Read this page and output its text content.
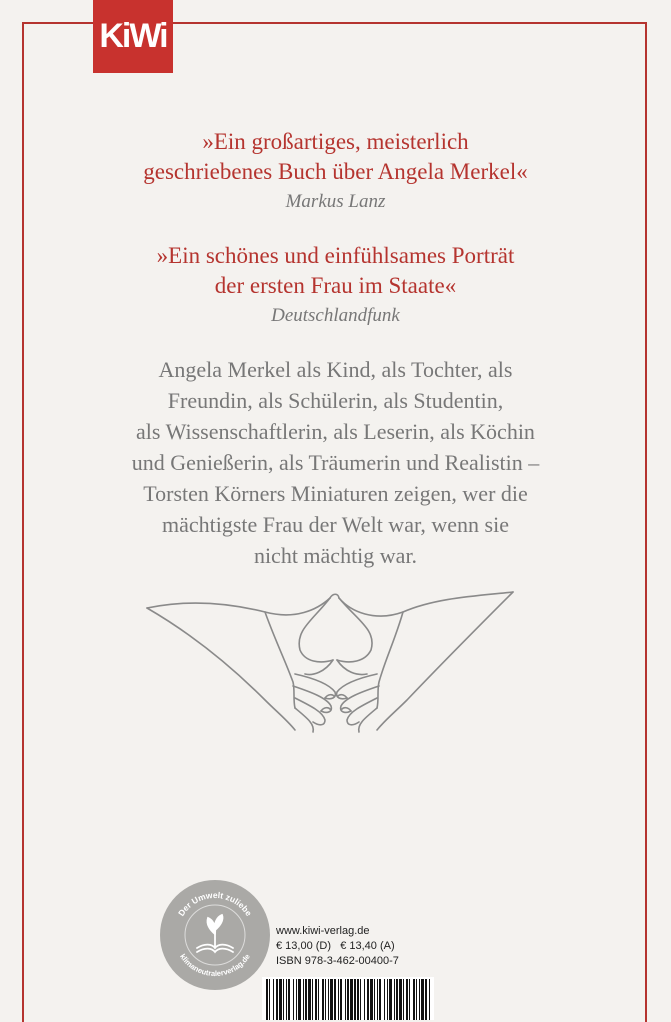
KiWi
»Ein großartiges, meisterlich
geschriebenes Buch über Angela Merkel«
Markus Lanz
»Ein schönes und einfühlsames Porträt
der ersten Frau im Staate«
Deutschlandfunk
Angela Merkel als Kind, als Tochter, als
Freundin, als Schülerin, als Studentin,
als Wissenschaftlerin, als Leserin, als Köchin
und Genießerin, als Träumerin und Realistin –
Torsten Körners Miniaturen zeigen, wer die
mächtigste Frau der Welt war, wenn sie
nicht mächtig war.
Der Umwelt zuliebe
klimaneutralerverlag.de
www.kiwi-verlag.de
€ 13,00 (D) € 13,40 (A)
ISBN 978-3-462-00400-7
